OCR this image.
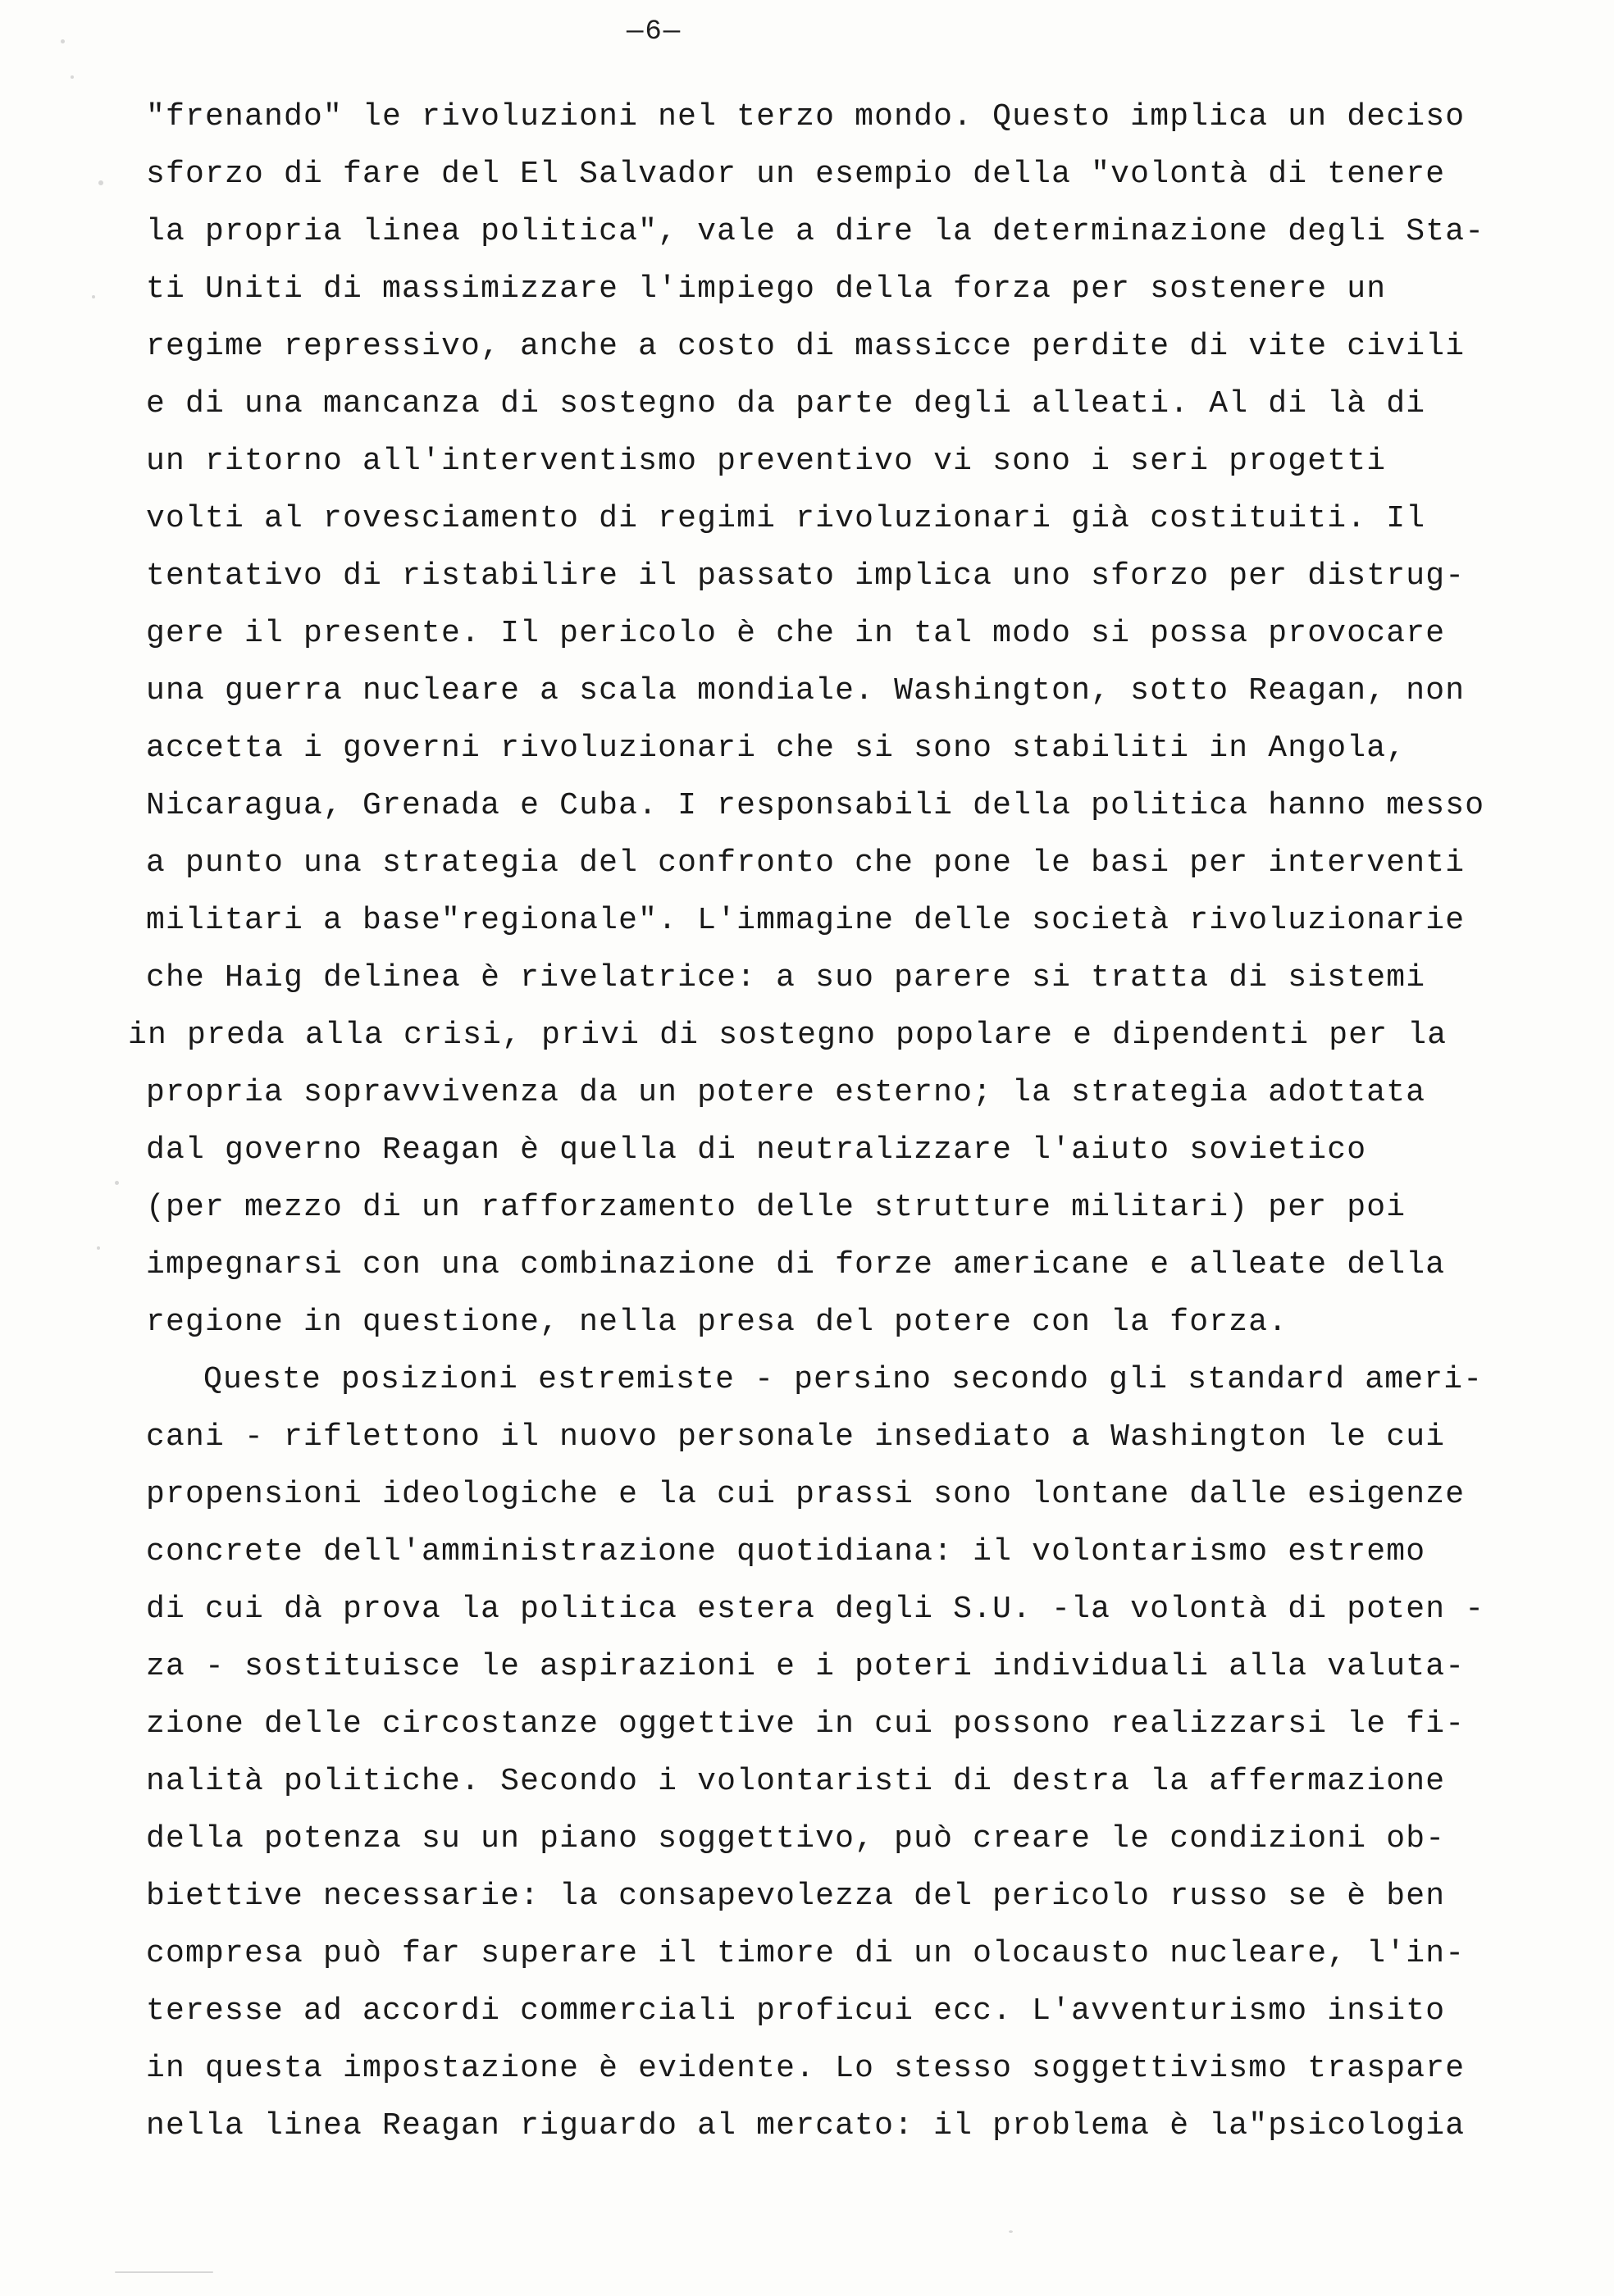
—6—
"frenando" le rivoluzioni nel terzo mondo. Questo implica un deciso
sforzo di fare del El Salvador un esempio della "volontà di tenere
la propria linea politica", vale a dire la determinazione degli Sta-
ti Uniti di massimizzare l'impiego della forza per sostenere un
regime repressivo, anche a costo di massicce perdite di vite civili
e di una mancanza di sostegno da parte degli alleati. Al di là di
un ritorno all'interventismo preventivo vi sono i seri progetti
volti al rovesciamento di regimi rivoluzionari già costituiti. Il
tentativo di ristabilire il passato implica uno sforzo per distrug-
gere il presente. Il pericolo è che in tal modo si possa provocare
una guerra nucleare a scala mondiale. Washington, sotto Reagan, non
accetta i governi rivoluzionari che si sono stabiliti in Angola,
Nicaragua, Grenada e Cuba. I responsabili della politica hanno messo
a punto una strategia del confronto che pone le basi per interventi
militari a base"regionale". L'immagine delle società rivoluzionarie
che Haig delinea è rivelatrice: a suo parere si tratta di sistemi
in preda alla crisi, privi di sostegno popolare e dipendenti per la
propria sopravvivenza da un potere esterno; la strategia adottata
dal governo Reagan è quella di neutralizzare l'aiuto sovietico
(per mezzo di un rafforzamento delle strutture militari) per poi
impegnarsi con una combinazione di forze americane e alleate della
regione in questione, nella presa del potere con la forza.
Queste posizioni estremiste - persino secondo gli standard ameri-
cani - riflettono il nuovo personale insediato a Washington le cui
propensioni ideologiche e la cui prassi sono lontane dalle esigenze
concrete dell'amministrazione quotidiana: il volontarismo estremo
di cui dà prova la politica estera degli S.U. -la volontà di poten -
za - sostituisce le aspirazioni e i poteri individuali alla valuta-
zione delle circostanze oggettive in cui possono realizzarsi le fi-
nalità politiche. Secondo i volontaristi di destra la affermazione
della potenza su un piano soggettivo, può creare le condizioni ob-
biettive necessarie: la consapevolezza del pericolo russo se è ben
compresa può far superare il timore di un olocausto nucleare, l'in-
teresse ad accordi commerciali proficui ecc. L'avventurismo insito
in questa impostazione è evidente. Lo stesso soggettivismo traspare
nella linea Reagan riguardo al mercato: il problema è la"psicologia
